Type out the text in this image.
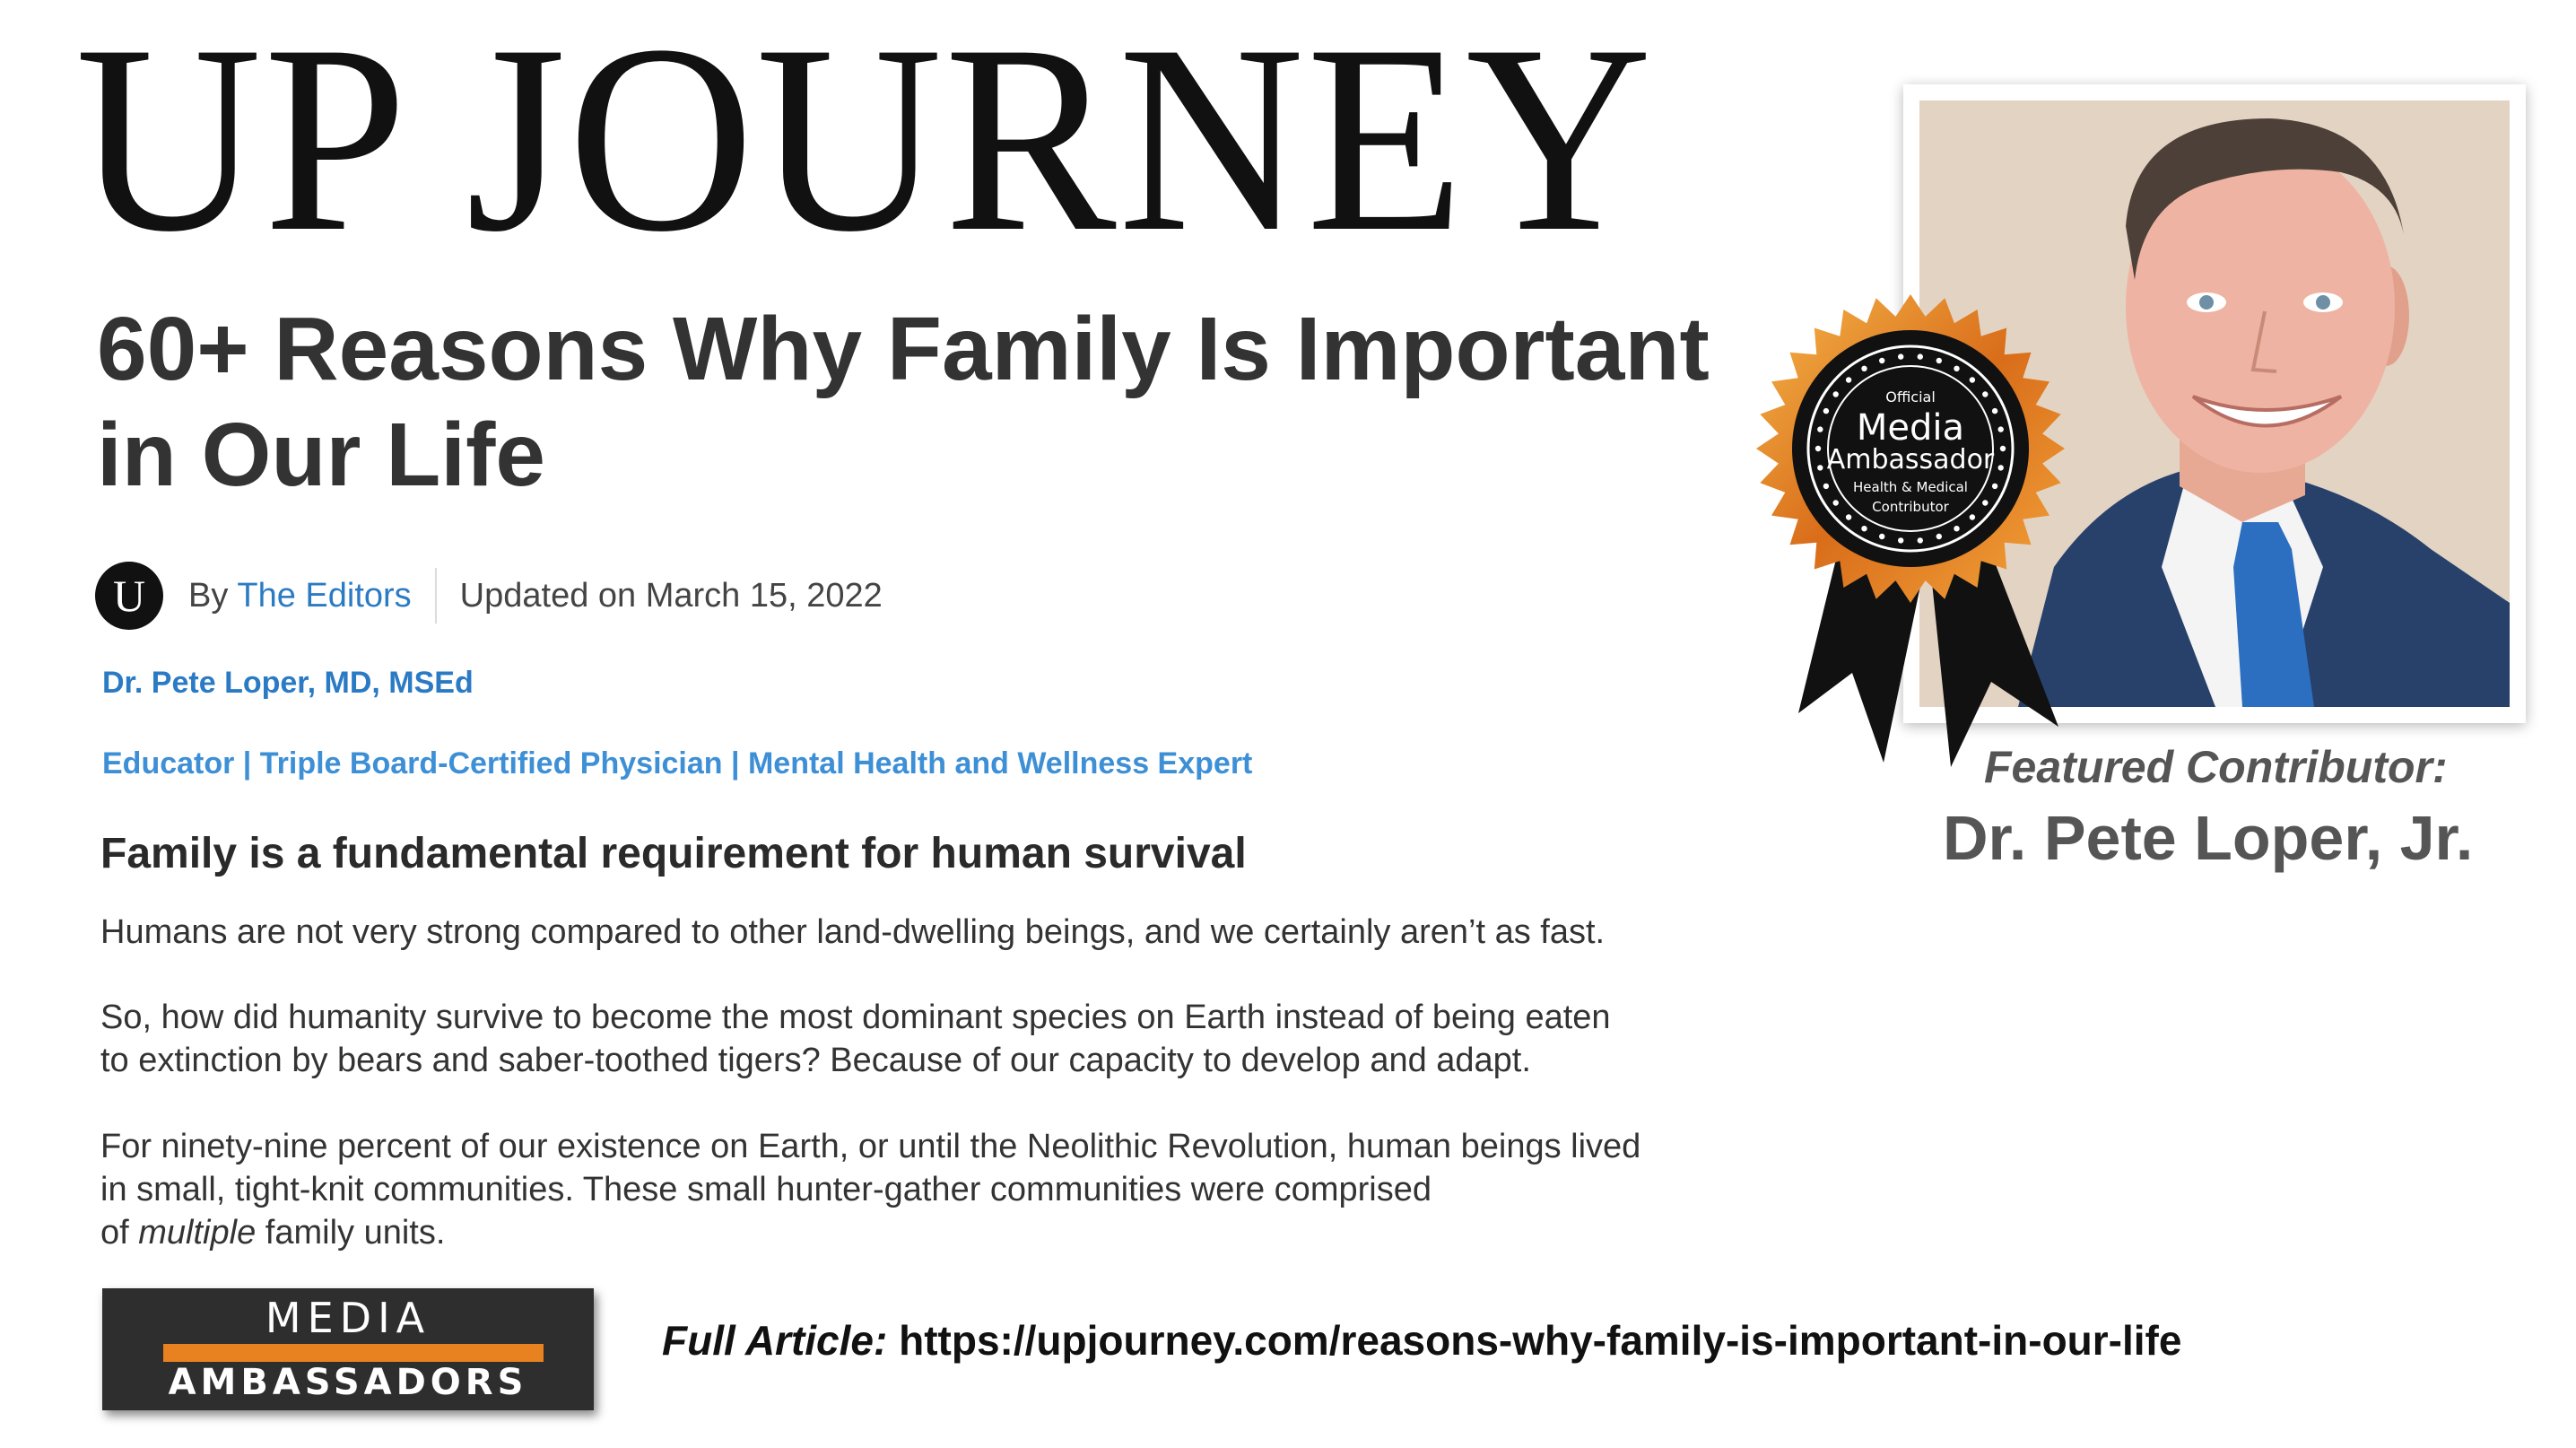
UP JOURNEY
60+ Reasons Why Family Is Important in Our Life
U	By The Editors Updated on March 15, 2022
Dr. Pete Loper, MD, MSEd
Educator | Triple Board-Certified Physician | Mental Health and Wellness Expert
Family is a fundamental requirement for human survival

Humans are not very strong compared to other land-dwelling beings, and we certainly aren’t as fast.

So, how did humanity survive to become the most dominant species on Earth instead of being eaten
to extinction by bears and saber-toothed tigers? Because of our capacity to develop and adapt.

For ninety-nine percent of our existence on Earth, or until the Neolithic Revolution, human beings lived
in small, tight-knit communities. These small hunter-gather communities were comprised
of multiple family units.

MEDIA
AMBASSADORS
Full Article: https://upjourney.com/reasons-why-family-is-important-in-our-life
Official
Media
Ambassador
Health & Medical
Contributor
Featured Contributor:
Dr. Pete Loper, Jr.
